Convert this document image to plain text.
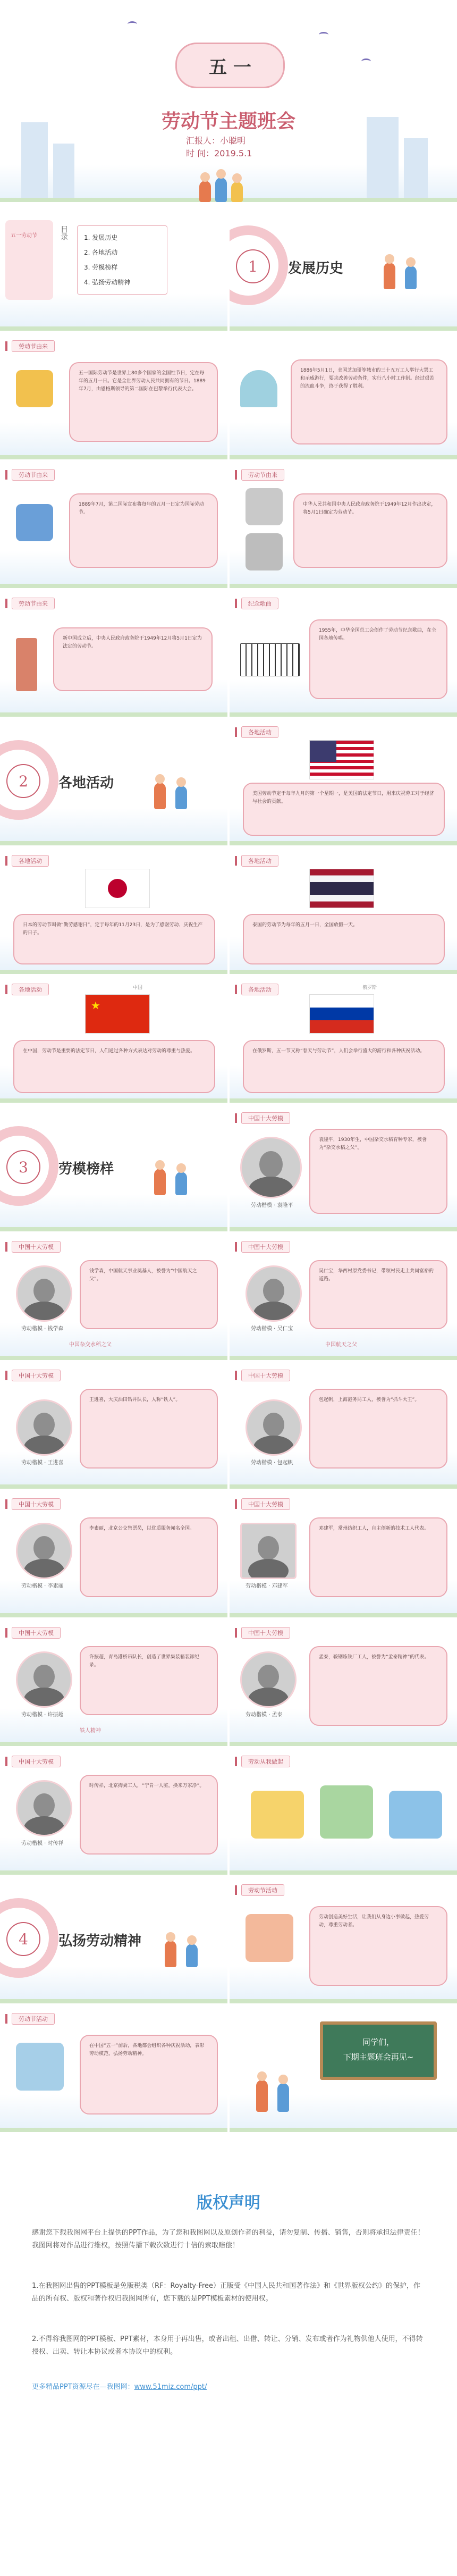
五 一
劳动节主题班会
汇报人：小聪明
时 间：2019.5.1
五一劳动节	目录	1. 发展历史
2. 各地活动
3. 劳模榜样
4. 弘扬劳动精神
1	发展历史
劳动节由来
五一国际劳动节是世界上80多个国家的全国性节日，定在每年的五月一日。它是全世界劳动人民共同拥有的节日。1889年7月，由恩格斯领导的第二国际在巴黎举行代表大会。
1886年5月1日，美国芝加哥等城市的三十五万工人举行大罢工和示威游行，要求改善劳动条件，实行八小时工作制。经过艰苦的流血斗争，终于获得了胜利。
劳动节由来
1889年7月，第二国际宣布将每年的五月一日定为国际劳动节。
劳动节由来
中华人民共和国中央人民政府政务院于1949年12月作出决定，将5月1日确定为劳动节。
劳动节由来
新中国成立后，中央人民政府政务院于1949年12月将5月1日定为法定的劳动节。
纪念歌曲
1955年，中华全国总工会创作了劳动节纪念歌曲，在全国各地传唱。
2	各地活动
各地活动
美国劳动节定于每年九月的第一个星期一，是美国的法定节日，用来庆祝劳工对于经济与社会的贡献。
各地活动
日本的劳动节叫做“勤劳感谢日”，定于每年的11月23日，是为了感谢劳动、庆祝生产的日子。
各地活动
泰国的劳动节为每年的五月一日，全国放假一天。
各地活动	中国
★
在中国，劳动节是重要的法定节日，人们通过各种方式表达对劳动的尊重与热爱。
各地活动	俄罗斯
在俄罗斯，五一节又称“春天与劳动节”，人们会举行盛大的游行和各种庆祝活动。
3	劳模榜样
中国十大劳模
劳动楷模 · 袁隆平
袁隆平，1930年生，中国杂交水稻育种专家，被誉为“杂交水稻之父”。
中国十大劳模
劳动楷模 · 钱学森
钱学森，中国航天事业奠基人，被誉为“中国航天之父”。
中国杂交水稻之父
中国十大劳模
劳动楷模 · 吴仁宝
吴仁宝，华西村原党委书记，带领村民走上共同富裕的道路。
中国航天之父
中国十大劳模
劳动楷模 · 王进喜
王进喜，大庆油田钻井队长，人称“铁人”。
中国十大劳模
劳动楷模 · 包起帆
包起帆，上海港务局工人，被誉为“抓斗大王”。
中国十大劳模
劳动楷模 · 李素丽
李素丽，北京公交售票员，以优质服务闻名全国。
中国十大劳模
劳动楷模 · 邓建军
邓建军，常州纺织工人，自主创新的技术工人代表。
中国十大劳模
劳动楷模 · 许振超
许振超，青岛港桥吊队长，创造了世界集装箱装卸纪录。
铁人精神
中国十大劳模
劳动楷模 · 孟泰
孟泰，鞍钢炼铁厂工人，被誉为“孟泰精神”的代表。
中国十大劳模
劳动楷模 · 时传祥
时传祥，北京掏粪工人，“宁肯一人脏，换来万家净”。
劳动从我做起
4	弘扬劳动精神
劳动节活动
劳动创造美好生活，让我们从身边小事做起，热爱劳动，尊重劳动者。
劳动节活动
在中国“五一”前后，各地都会组织各种庆祝活动，表彰劳动模范，弘扬劳动精神。
同学们，
下期主题班会再见~
版权声明
感谢您下载我图网平台上提供的PPT作品，为了您和我图网以及原创作者的利益，请勿复制、传播、销售，否则将承担法律责任！我图网将对作品进行维权，按照传播下载次数进行十倍的索取赔偿！
1.在我图网出售的PPT模板是免版税类（RF：Royalty-Free）正版受《中国人民共和国著作法》和《世界版权公约》的保护，作品的所有权、版权和著作权归我图网所有，您下载的是PPT模板素材的使用权。
2.不得将我图网的PPT模板、PPT素材，本身用于再出售，或者出租、出借、转让、分销、发布或者作为礼物供他人使用，不得转授权、出卖、转让本协议或者本协议中的权利。
更多精品PPT资源尽在—我图网：www.51miz.com/ppt/
